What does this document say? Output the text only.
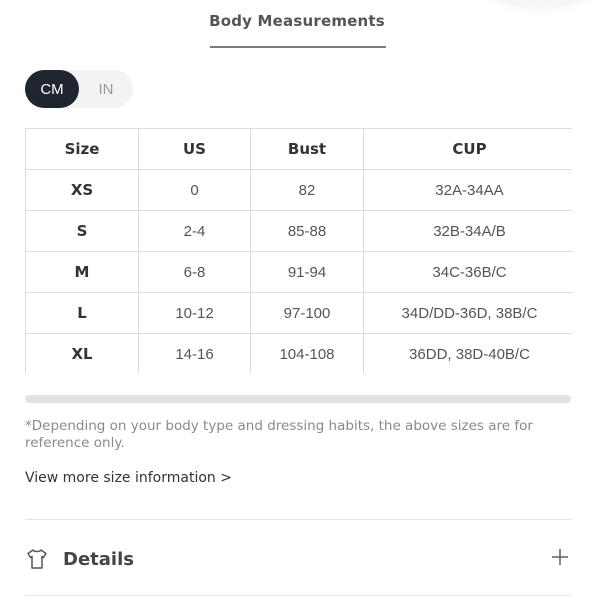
Body Measurements
CM	IN
Size	US	Bust	CUP
XS	0	82	32A-34AA
S	2-4	85-88	32B-34A/B
M	6-8	91-94	34C-36B/C
L	10-12	97-100	34D/DD-36D, 38B/C
XL	14-16	104-108	36DD, 38D-40B/C

*Depending on your body type and dressing habits, the above sizes are for reference only.

View more size information >
Details
